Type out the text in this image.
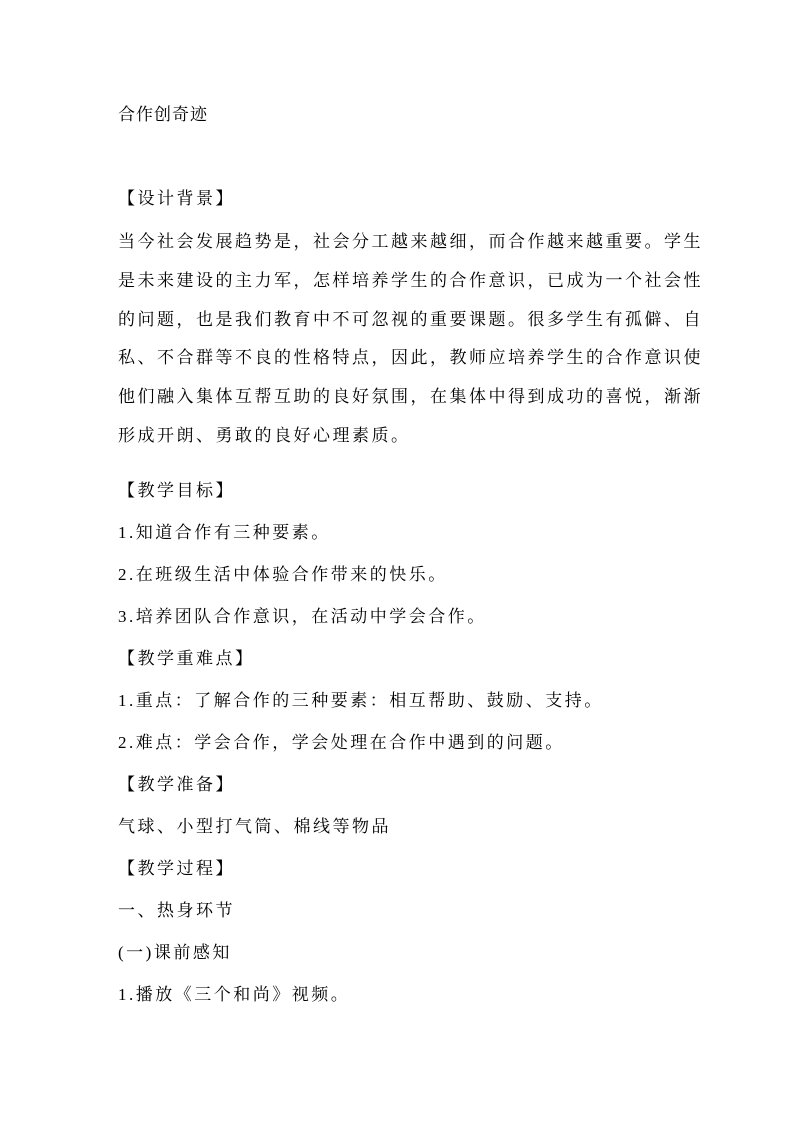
合作创奇迹
【设计背景】
当今社会发展趋势是，社会分工越来越细，而合作越来越重要。学生
是未来建设的主力军，怎样培养学生的合作意识，已成为一个社会性
的问题，也是我们教育中不可忽视的重要课题。很多学生有孤僻、自
私、不合群等不良的性格特点，因此，教师应培养学生的合作意识使
他们融入集体互帮互助的良好氛围，在集体中得到成功的喜悦，渐渐
形成开朗、勇敢的良好心理素质。
【教学目标】
1.知道合作有三种要素。
2.在班级生活中体验合作带来的快乐。
3.培养团队合作意识，在活动中学会合作。
【教学重难点】
1.重点：了解合作的三种要素：相互帮助、鼓励、支持。
2.难点：学会合作，学会处理在合作中遇到的问题。
【教学准备】
气球、小型打气筒、棉线等物品
【教学过程】
一、热身环节
(一)课前感知
1.播放《三个和尚》视频。
